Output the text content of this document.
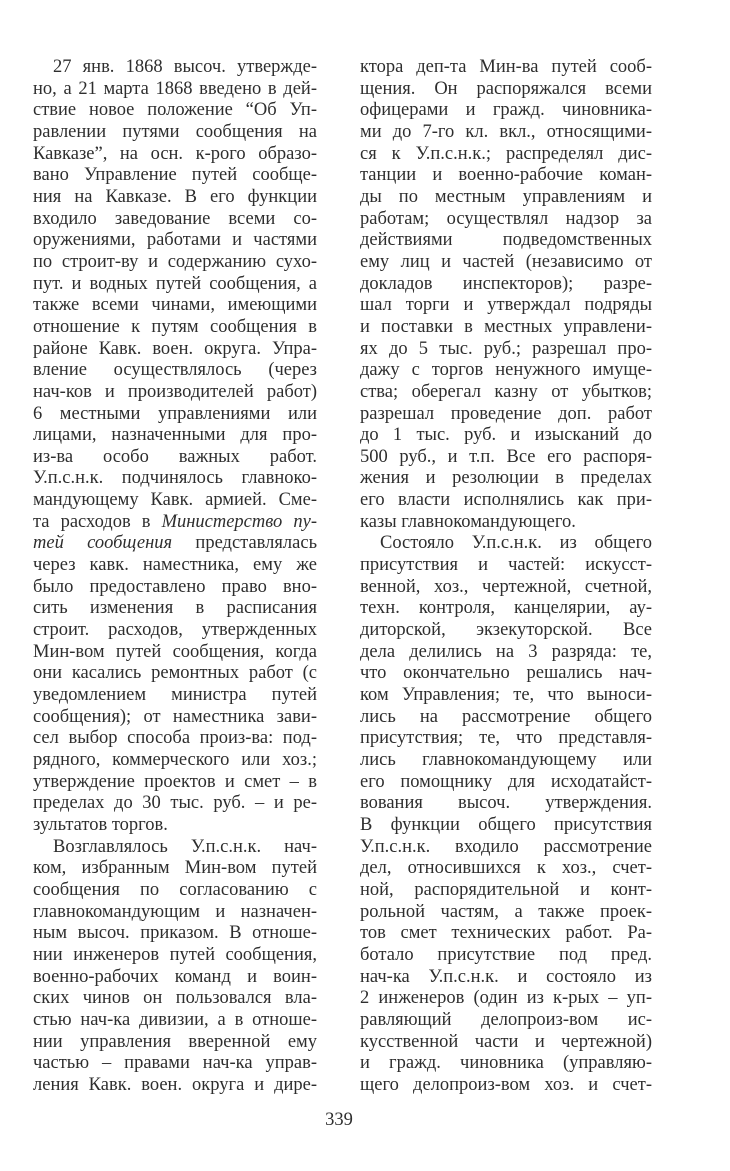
27 янв. 1868 высоч. утвержде-
но, а 21 марта 1868 введено в дей-
ствие новое положение “Об Уп-
равлении путями сообщения на
Кавказе”, на осн. к-рого образо-
вано Управление путей сообще-
ния на Кавказе. В его функции
входило заведование всеми со-
оружениями, работами и частями
по строит-ву и содержанию сухо-
пут. и водных путей сообщения, а
также всеми чинами, имеющими
отношение к путям сообщения в
районе Кавк. воен. округа. Упра-
вление осуществлялось (через
нач-ков и производителей работ)
6 местными управлениями или
лицами, назначенными для про-
из-ва особо важных работ.
У.п.с.н.к. подчинялось главноко-
мандующему Кавк. армией. Сме-
та расходов в Министерство пу-
тей сообщения представлялась
через кавк. наместника, ему же
было предоставлено право вно-
сить изменения в расписания
строит. расходов, утвержденных
Мин-вом путей сообщения, когда
они касались ремонтных работ (с
уведомлением министра путей
сообщения); от наместника зави-
сел выбор способа произ-ва: под-
рядного, коммерческого или хоз.;
утверждение проектов и смет – в
пределах до 30 тыс. руб. – и ре-
зультатов торгов.
Возглавлялось У.п.с.н.к. нач-
ком, избранным Мин-вом путей
сообщения по согласованию с
главнокомандующим и назначен-
ным высоч. приказом. В отноше-
нии инженеров путей сообщения,
военно-рабочих команд и воин-
ских чинов он пользовался вла-
стью нач-ка дивизии, а в отноше-
нии управления вверенной ему
частью – правами нач-ка управ-
ления Кавк. воен. округа и дире-
ктора деп-та Мин-ва путей сооб-
щения. Он распоряжался всеми
офицерами и гражд. чиновника-
ми до 7-го кл. вкл., относящими-
ся к У.п.с.н.к.; распределял дис-
танции и военно-рабочие коман-
ды по местным управлениям и
работам; осуществлял надзор за
действиями подведомственных
ему лиц и частей (независимо от
докладов инспекторов); разре-
шал торги и утверждал подряды
и поставки в местных управлени-
ях до 5 тыс. руб.; разрешал про-
дажу с торгов ненужного имуще-
ства; оберегал казну от убытков;
разрешал проведение доп. работ
до 1 тыс. руб. и изысканий до
500 руб., и т.п. Все его распоря-
жения и резолюции в пределах
его власти исполнялись как при-
казы главнокомандующего.
Состояло У.п.с.н.к. из общего
присутствия и частей: искусст-
венной, хоз., чертежной, счетной,
техн. контроля, канцелярии, ау-
диторской, экзекуторской. Все
дела делились на 3 разряда: те,
что окончательно решались нач-
ком Управления; те, что выноси-
лись на рассмотрение общего
присутствия; те, что представля-
лись главнокомандующему или
его помощнику для исходатайст-
вования высоч. утверждения.
В функции общего присутствия
У.п.с.н.к. входило рассмотрение
дел, относившихся к хоз., счет-
ной, распорядительной и конт-
рольной частям, а также проек-
тов смет технических работ. Ра-
ботало присутствие под пред.
нач-ка У.п.с.н.к. и состояло из
2 инженеров (один из к-рых – уп-
равляющий делопроиз-вом ис-
кусственной части и чертежной)
и гражд. чиновника (управляю-
щего делопроиз-вом хоз. и счет-
339
